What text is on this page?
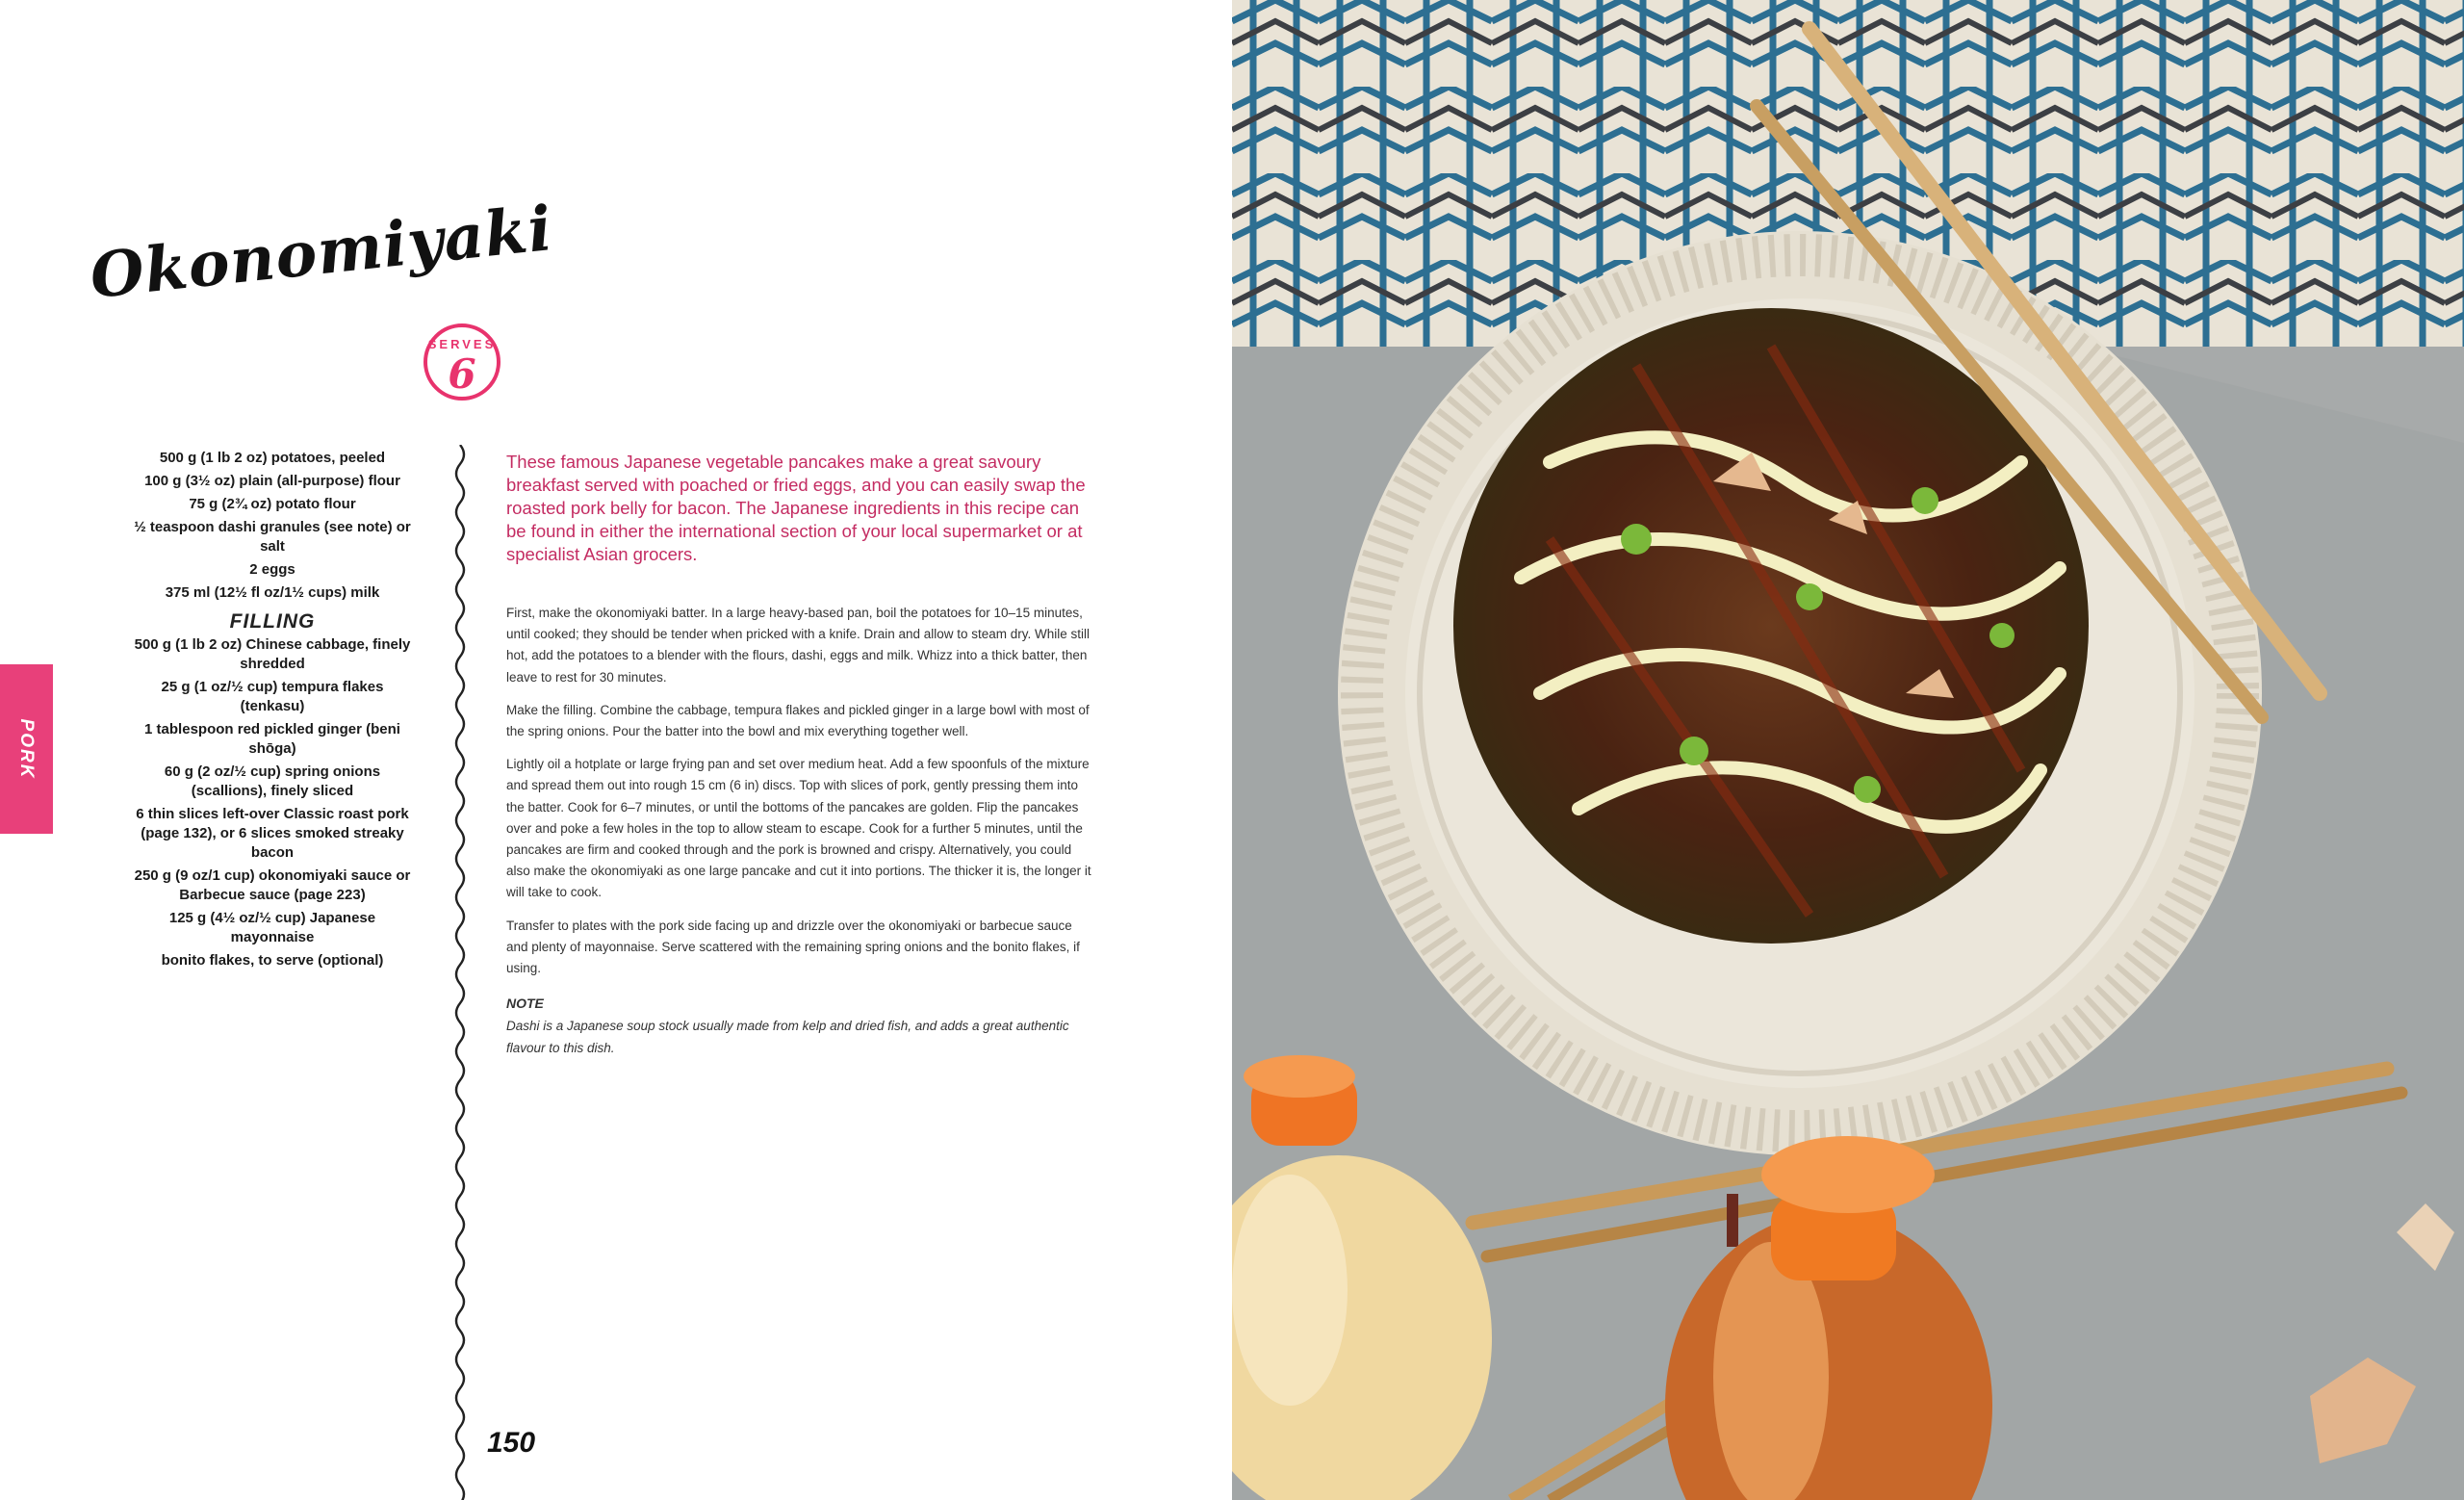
Okonomiyaki
SERVES
6
PORK
500 g (1 lb 2 oz) potatoes, peeled
100 g (3½ oz) plain (all-purpose) flour
75 g (2¾ oz) potato flour
½ teaspoon dashi granules (see note) or salt
2 eggs
375 ml (12½ fl oz/1½ cups) milk
FILLING
500 g (1 lb 2 oz) Chinese cabbage, finely shredded
25 g (1 oz/½ cup) tempura flakes (tenkasu)
1 tablespoon red pickled ginger (beni shōga)
60 g (2 oz/½ cup) spring onions (scallions), finely sliced
6 thin slices left-over Classic roast pork (page 132), or 6 slices smoked streaky bacon
250 g (9 oz/1 cup) okonomiyaki sauce or Barbecue sauce (page 223)
125 g (4½ oz/½ cup) Japanese mayonnaise
bonito flakes, to serve (optional)
These famous Japanese vegetable pancakes make a great savoury breakfast served with poached or fried eggs, and you can easily swap the roasted pork belly for bacon. The Japanese ingredients in this recipe can be found in either the international section of your local supermarket or at specialist Asian grocers.

First, make the okonomiyaki batter. In a large heavy-based pan, boil the potatoes for 10–15 minutes, until cooked; they should be tender when pricked with a knife. Drain and allow to steam dry. While still hot, add the potatoes to a blender with the flours, dashi, eggs and milk. Whizz into a thick batter, then leave to rest for 30 minutes.

Make the filling. Combine the cabbage, tempura flakes and pickled ginger in a large bowl with most of the spring onions. Pour the batter into the bowl and mix everything together well.

Lightly oil a hotplate or large frying pan and set over medium heat. Add a few spoonfuls of the mixture and spread them out into rough 15 cm (6 in) discs. Top with slices of pork, gently pressing them into the batter. Cook for 6–7 minutes, or until the bottoms of the pancakes are golden. Flip the pancakes over and poke a few holes in the top to allow steam to escape. Cook for a further 5 minutes, until the pancakes are firm and cooked through and the pork is browned and crispy. Alternatively, you could also make the okonomiyaki as one large pancake and cut it into portions. The thicker it is, the longer it will take to cook.

Transfer to plates with the pork side facing up and drizzle over the okonomiyaki or barbecue sauce and plenty of mayonnaise. Serve scattered with the remaining spring onions and the bonito flakes, if using.

NOTE

Dashi is a Japanese soup stock usually made from kelp and dried fish, and adds a great authentic flavour to this dish.

150
